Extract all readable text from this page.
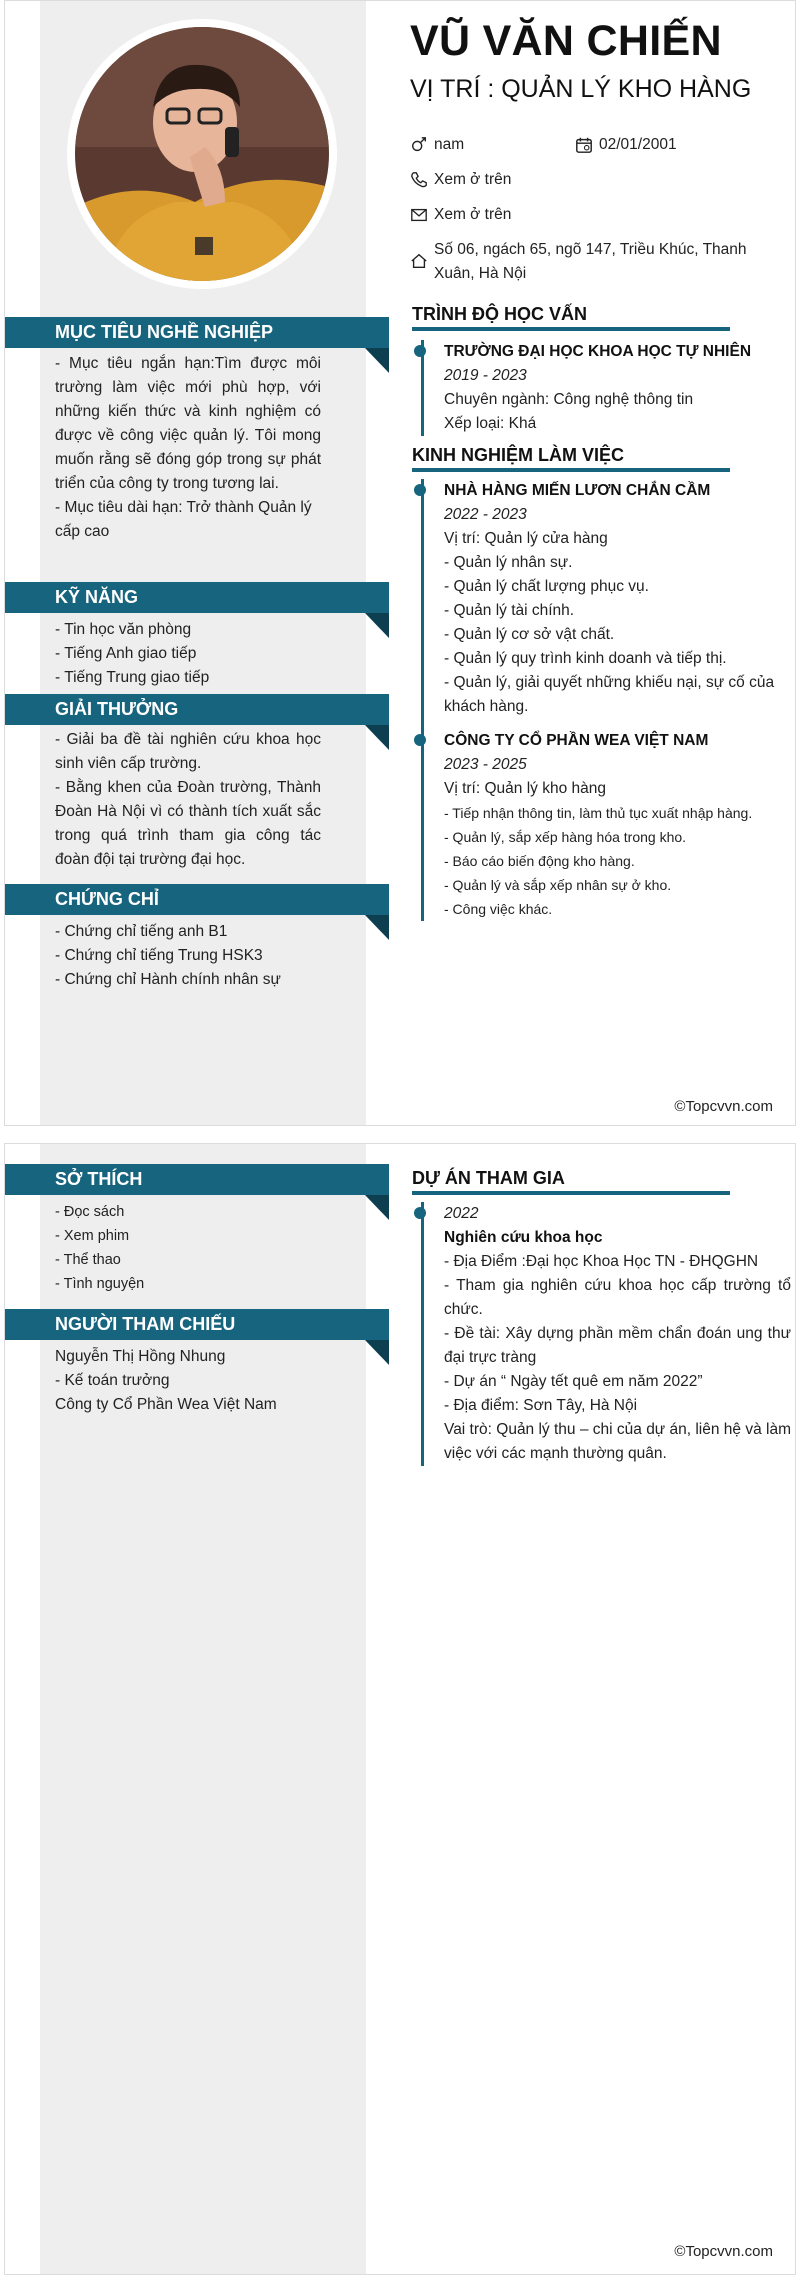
MỤC TIÊU NGHỀ NGHIỆP

- Mục tiêu ngắn hạn:Tìm được môi trường làm việc mới phù hợp, với những kiến thức và kinh nghiệm có được về công việc quản lý. Tôi mong muốn rằng sẽ đóng góp trong sự phát triển của công ty trong tương lai.

- Mục tiêu dài hạn: Trở thành Quản lý cấp cao

KỸ NĂNG

- Tin học văn phòng

- Tiếng Anh giao tiếp

- Tiếng Trung giao tiếp

GIẢI THƯỞNG

- Giải ba đề tài nghiên cứu khoa học sinh viên cấp trường.

- Bằng khen của Đoàn trường, Thành Đoàn Hà Nội vì có thành tích xuất sắc trong quá trình tham gia công tác đoàn đội tại trường đại học.

CHỨNG CHỈ

- Chứng chỉ tiếng anh B1

- Chứng chỉ tiếng Trung HSK3

- Chứng chỉ Hành chính nhân sự

VŨ VĂN CHIẾN
VỊ TRÍ : QUẢN LÝ KHO HÀNG
nam	02/01/2001
Xem ở trên
Xem ở trên
Số 06, ngách 65, ngõ 147, Triều Khúc, Thanh Xuân, Hà Nội
TRÌNH ĐỘ HỌC VẤN
TRƯỜNG ĐẠI HỌC KHOA HỌC TỰ NHIÊN
2019 - 2023
Chuyên ngành: Công nghệ thông tin
Xếp loại: Khá
KINH NGHIỆM LÀM VIỆC
NHÀ HÀNG MIẾN LƯƠN CHẮN CẦM
2022 - 2023
Vị trí: Quản lý cửa hàng
- Quản lý nhân sự.
- Quản lý chất lượng phục vụ.
- Quản lý tài chính.
- Quản lý cơ sở vật chất.
- Quản lý quy trình kinh doanh và tiếp thị.
- Quản lý, giải quyết những khiếu nại, sự cố của khách hàng.
CÔNG TY CỔ PHẦN WEA VIỆT NAM
2023 - 2025
Vị trí: Quản lý kho hàng
- Tiếp nhận thông tin, làm thủ tục xuất nhập hàng.
- Quản lý, sắp xếp hàng hóa trong kho.
- Báo cáo biến động kho hàng.
- Quản lý và sắp xếp nhân sự ở kho.
- Công việc khác.
©Topcvvn.com
SỞ THÍCH

- Đọc sách

- Xem phim

- Thể thao

- Tình nguyện

NGƯỜI THAM CHIẾU

Nguyễn Thị Hồng Nhung

- Kế toán trưởng

Công ty Cổ Phần Wea Việt Nam

DỰ ÁN THAM GIA
2022
Nghiên cứu khoa học
- Địa Điểm :Đại học Khoa Học TN - ĐHQGHN
- Tham gia nghiên cứu khoa học cấp trường tổ chức.
- Đề tài: Xây dựng phần mềm chẩn đoán ung thư đại trực tràng
- Dự án “ Ngày tết quê em năm 2022”
- Địa điểm: Sơn Tây, Hà Nội
Vai trò: Quản lý thu – chi của dự án, liên hệ và làm việc với các mạnh thường quân.
©Topcvvn.com
